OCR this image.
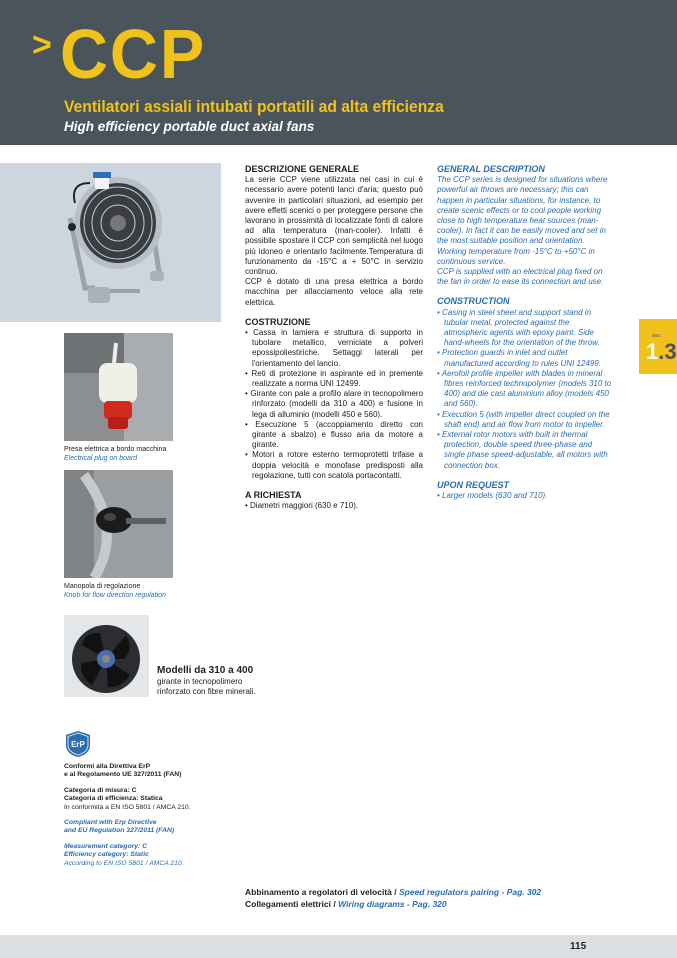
> CCP
Ventilatori assiali intubati portatili ad alta efficienza
High efficiency portable duct axial fans
Presa elettrica a bordo macchina
Electrical plug on board
Manopola di regolazione
Knob for flow direction regulation
Modelli da 310 a 400
girante in tecnopolimero
rinforzato con fibre minerali.
sez.
1.3
DESCRIZIONE GENERALE

La serie CCP viene utilizzata nei casi in cui è necessario avere potenti lanci d'aria; questo può avvenire in particolari situazioni, ad esempio per avere effetti scenici o per proteggere persone che lavorano in prossimità di localizzate fonti di calore ad alta temperatura (man-cooler). Infatti è possibile spostare il CCP con semplicità nel luogo più idoneo e orientarlo facilmente.Temperatura di funzionamento da -15°C a + 50°C in servizio continuo.

CCP è dotato di una presa elettrica a bordo macchina per allacciamento veloce alla rete elettrica.

COSTRUZIONE
• Cassa in lamiera e struttura di supporto in tubolare metallico, verniciate a polveri epossipoliestiriche. Settaggi laterali per l'orientamento del lancio.
• Reti di protezione in aspirante ed in premente realizzate a norma UNI 12499.
• Girante con pale a profilo alare in tecnopolimero rinforzato (modelli da 310 a 400) e fusione in lega di alluminio (modelli 450 e 560).
• Esecuzione 5 (accoppiamento diretto con girante a sbalzo) e flusso aria da motore a girante.
• Motori a rotore esterno termoprotetti trifase a doppia velocità e monofase predisposti alla regolazione, tutti con scatola portacontatti.
A RICHIESTA
• Diametri maggiori (630 e 710).
GENERAL DESCRIPTION

The CCP series is designed for situations where powerful air throws are necessary; this can happen in particular situations, for instance, to create scenic effects or to cool people working close to high temperature heat sources (man-cooler). In fact it can be easily moved and set in the most suitable position and orientation. Working temperature from -15°C to +50°C in continuous service.

CCP is supplied with an electrical plug fixed on the fan in order to ease its connection and use.

CONSTRUCTION
• Casing in steel sheet and support stand in tubular metal, protected against the atmospheric agents with epoxy paint. Side hand-wheels for the orientation of the throw.
• Protection guards in inlet and outlet manufactured according to rules UNI 12499.
• Aerofoil profile impeller with blades in mineral fibres reinforced technopolymer (models 310 to 400) and die cast aluminium alloy (models 450 and 560).
• Execution 5 (with impeller direct coupled on the shaft end) and air flow from motor to impeller.
• External rotor motors with built in thermal protection, double speed three-phase and single phase speed-adjustable, all motors with connection box.
UPON REQUEST
• Larger models (630 and 710).
ErP
Conformi alla Direttiva ErP
e al Regolamento UE 327/2011 (FAN)
Categoria di misura: C
Categoria di efficienza: Statica
In conformità a EN ISO 5801 / AMCA 210.
Compliant with Erp Directive
and EU Regulation 327/2011 (FAN)
Measurement category: C
Efficiency category: Static
According to EN ISO 5801 / AMCA 210.
Abbinamento a regolatori di velocità / Speed regulators pairing - Pag. 302
Collegamenti elettrici / Wiring diagrams - Pag. 320
115
